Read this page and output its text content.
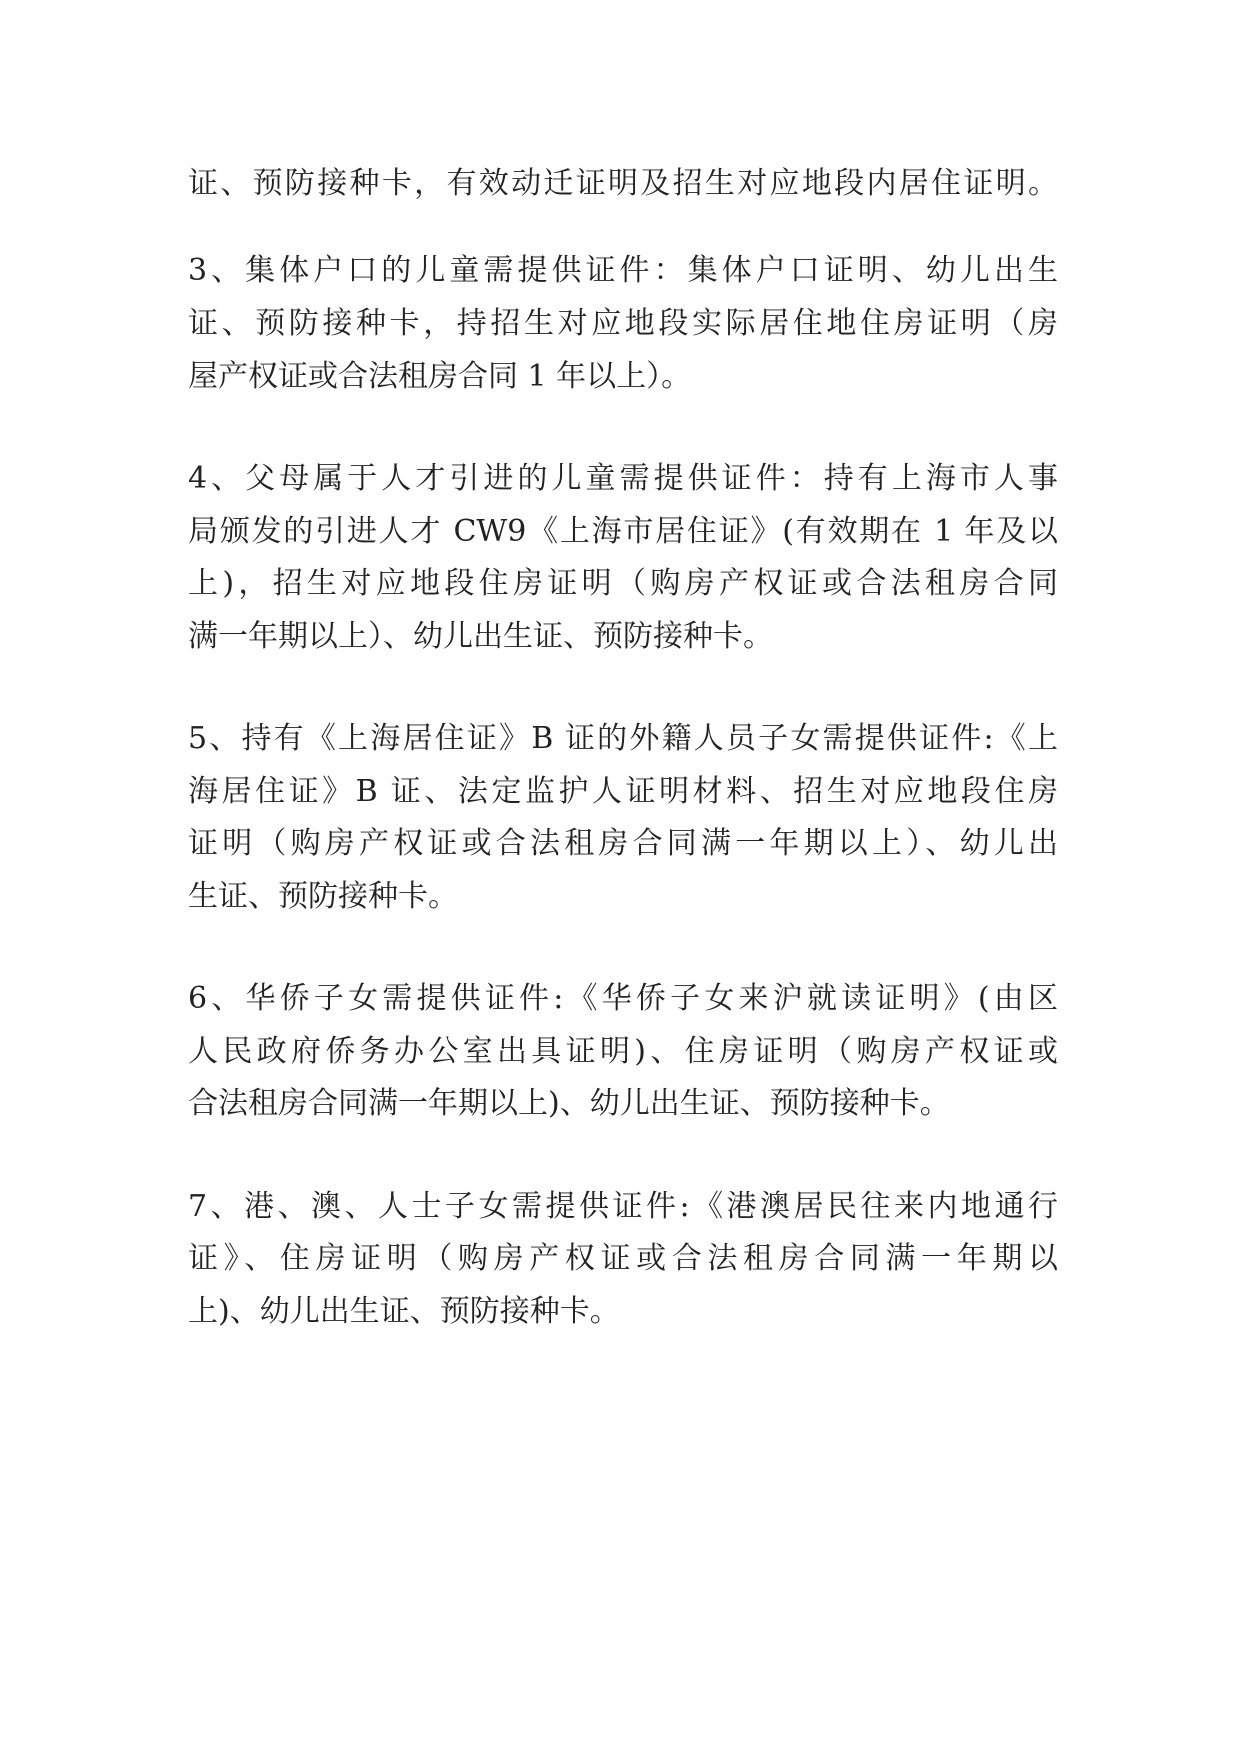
证、预防接种卡，有效动迁证明及招生对应地段内居住证明。
3、集体户口的儿童需提供证件：集体户口证明、幼儿出生
证、预防接种卡，持招生对应地段实际居住地住房证明（房
屋产权证或合法租房合同 1 年以上）。
4、父母属于人才引进的儿童需提供证件：持有上海市人事
局颁发的引进人才 CW9《上海市居住证》(有效期在 1 年及以
上)，招生对应地段住房证明（购房产权证或合法租房合同
满一年期以上）、幼儿出生证、预防接种卡。
5、持有《上海居住证》B 证的外籍人员子女需提供证件:《上
海居住证》B 证、法定监护人证明材料、招生对应地段住房
证明（购房产权证或合法租房合同满一年期以上）、幼儿出
生证、预防接种卡。
6、华侨子女需提供证件:《华侨子女来沪就读证明》(由区
人民政府侨务办公室出具证明)、住房证明（购房产权证或
合法租房合同满一年期以上)、幼儿出生证、预防接种卡。
7、港、澳、人士子女需提供证件:《港澳居民往来内地通行
证》、住房证明（购房产权证或合法租房合同满一年期以
上)、幼儿出生证、预防接种卡。
